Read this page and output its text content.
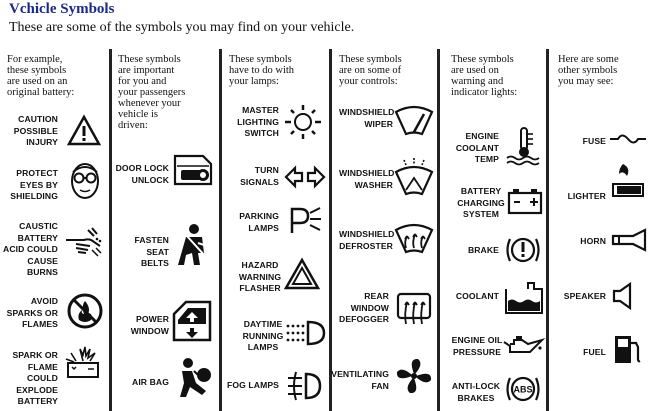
Vchicle Symbols
These are some of the symbols you may find on your vehicle.
For example,
these symbols
are used on an
original battery:
These symbols
are important
for you and
your passengers
whenever your
vehicle is
driven:
These symbols
have to do with
your lamps:
These symbols
are on some of
your controls:
These symbols
are used on
warning and
indicator lights:
Here are some
other symbols
you may see:
CAUTION
POSSIBLE
INJURY
PROTECT
EYES BY
SHIELDING
CAUSTIC
BATTERY
ACID COULD
CAUSE
BURNS
AVOID
SPARKS OR
FLAMES
SPARK OR
FLAME
COULD
EXPLODE
BATTERY
DOOR LOCK
UNLOCK
FASTEN
SEAT
BELTS
POWER
WINDOW
AIR BAG
MASTER
LIGHTING
SWITCH
TURN
SIGNALS
PARKING
LAMPS
HAZARD
WARNING
FLASHER
DAYTIME
RUNNING
LAMPS
FOG LAMPS
WINDSHIELD
WIPER
WINDSHIELD
WASHER
WINDSHIELD
DEFROSTER
REAR
WINDOW
DEFOGGER
VENTILATING
FAN
ENGINE
COOLANT
TEMP
BATTERY
CHARGING
SYSTEM
BRAKE
COOLANT
ENGINE OIL
PRESSURE
ANTI-LOCK
BRAKES
ABS
FUSE
LIGHTER
HORN
SPEAKER
FUEL
